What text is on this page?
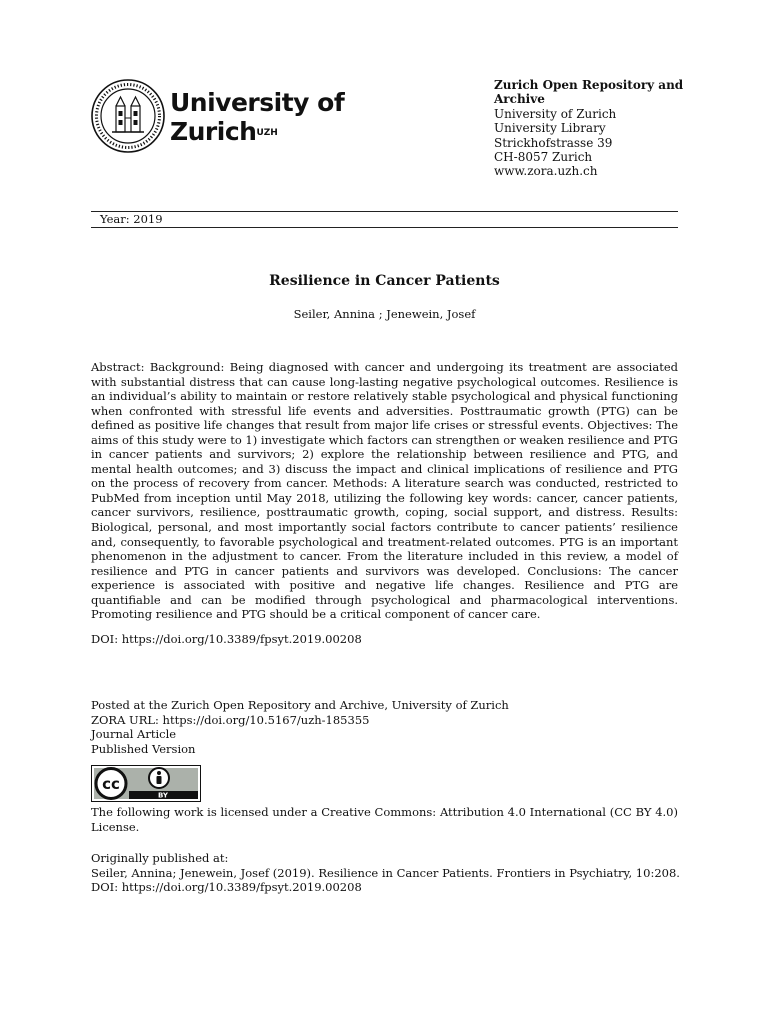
University of
Zurich$^{UZH}$
Zurich Open Repository and
Archive
University of Zurich
University Library
Strickhofstrasse 39
CH-8057 Zurich
www.zora.uzh.ch
Year: 2019
Resilience in Cancer Patients
Seiler, Annina ; Jenewein, Josef
Abstract: Background: Being diagnosed with cancer and undergoing its treatment are associated with substantial distress that can cause long-lasting negative psychological outcomes. Resilience is an individual’s ability to maintain or restore relatively stable psychological and physical functioning when confronted with stressful life events and adversities. Posttraumatic growth (PTG) can be defined as positive life changes that result from major life crises or stressful events. Objectives: The aims of this study were to 1) investigate which factors can strengthen or weaken resilience and PTG in cancer patients and survivors; 2) explore the relationship between resilience and PTG, and mental health outcomes; and 3) discuss the impact and clinical implications of resilience and PTG on the process of recovery from cancer. Methods: A literature search was conducted, restricted to PubMed from inception until May 2018, utilizing the following key words: cancer, cancer patients, cancer survivors, resilience, posttraumatic growth, coping, social support, and distress. Results: Biological, personal, and most importantly social factors contribute to cancer patients’ resilience and, consequently, to favorable psychological and treatment-related outcomes. PTG is an important phenomenon in the adjustment to cancer. From the literature included in this review, a model of resilience and PTG in cancer patients and survivors was developed. Conclusions: The cancer experience is associated with positive and negative life changes. Resilience and PTG are quantifiable and can be modified through psychological and pharmacological interventions. Promoting resilience and PTG should be a critical component of cancer care.
DOI: https://doi.org/10.3389/fpsyt.2019.00208
Posted at the Zurich Open Repository and Archive, University of Zurich
ZORA URL: https://doi.org/10.5167/uzh-185355
Journal Article
Published Version
cc
BY
The following work is licensed under a Creative Commons: Attribution 4.0 International (CC BY 4.0) License.
Originally published at:
Seiler, Annina; Jenewein, Josef (2019). Resilience in Cancer Patients. Frontiers in Psychiatry, 10:208.
DOI: https://doi.org/10.3389/fpsyt.2019.00208
